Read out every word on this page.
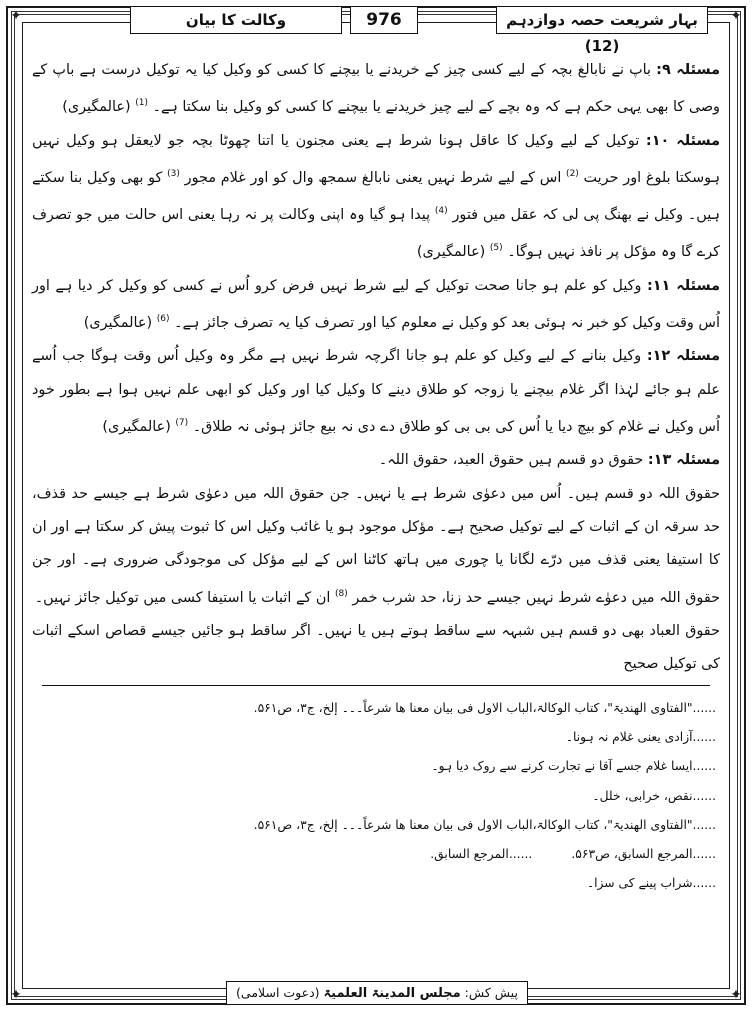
✦	✦
✦	✦
وکالت کا بیان	976	بہار شریعت حصہ دوازدہم (12)

مسئلہ ۹: باپ نے نابالغ بچہ کے لیے کسی چیز کے خریدنے یا بیچنے کا کسی کو وکیل کیا یہ توکیل درست ہے باپ کے وصی کا بھی یہی حکم ہے کہ وہ بچے کے لیے چیز خریدنے یا بیچنے کا کسی کو وکیل بنا سکتا ہے۔ $^{(1)}$ (عالمگیری)

مسئلہ ۱۰: توکیل کے لیے وکیل کا عاقل ہونا شرط ہے یعنی مجنون یا اتنا چھوٹا بچہ جو لایعقل ہو وکیل نہیں ہوسکتا بلوغ اور حریت $^{(2)}$ اس کے لیے شرط نہیں یعنی نابالغ سمجھ وال کو اور غلام مجور $^{(3)}$ کو بھی وکیل بنا سکتے ہیں۔ وکیل نے بھنگ پی لی کہ عقل میں فتور $^{(4)}$ پیدا ہو گیا وہ اپنی وکالت پر نہ رہا یعنی اس حالت میں جو تصرف کرے گا وہ مؤکل پر نافذ نہیں ہوگا۔ $^{(5)}$ (عالمگیری)

مسئلہ ۱۱: وکیل کو علم ہو جانا صحت توکیل کے لیے شرط نہیں فرض کرو اُس نے کسی کو وکیل کر دیا ہے اور اُس وقت وکیل کو خبر نہ ہوئی بعد کو وکیل نے معلوم کیا اور تصرف کیا یہ تصرف جائز ہے۔ $^{(6)}$ (عالمگیری)

مسئلہ ۱۲: وکیل بنانے کے لیے وکیل کو علم ہو جانا اگرچہ شرط نہیں ہے مگر وہ وکیل اُس وقت ہوگا جب اُسے علم ہو جائے لہٰذا اگر غلام بیچنے یا زوجہ کو طلاق دینے کا وکیل کیا اور وکیل کو ابھی علم نہیں ہوا ہے بطور خود اُس وکیل نے غلام کو بیچ دیا یا اُس کی بی بی کو طلاق دے دی نہ بیع جائز ہوئی نہ طلاق۔ $^{(7)}$ (عالمگیری)

مسئلہ ۱۳: حقوق دو قسم ہیں حقوق العبد، حقوق اللہ۔

حقوق اللہ دو قسم ہیں۔ اُس میں دعوٰی شرط ہے یا نہیں۔ جن حقوق اللہ میں دعوٰی شرط ہے جیسے حد قذف، حد سرقہ ان کے اثبات کے لیے توکیل صحیح ہے۔ مؤکل موجود ہو یا غائب وکیل اس کا ثبوت پیش کر سکتا ہے اور ان کا استیفا یعنی قذف میں درّے لگانا یا چوری میں ہاتھ کاٹنا اس کے لیے مؤکل کی موجودگی ضروری ہے۔ اور جن حقوق اللہ میں دعوٰے شرط نہیں جیسے حد زنا، حد شرب خمر $^{(8)}$ ان کے اثبات یا استیفا کسی میں توکیل جائز نہیں۔

حقوق العباد بھی دو قسم ہیں شبہہ سے ساقط ہوتے ہیں یا نہیں۔ اگر ساقط ہو جائیں جیسے قصاص اسکے اثبات کی توکیل صحیح

......"الفتاوی الھندیۃ"، کتاب الوکالۃ،الباب الاول فی بیان معنا ھا شرعاً۔۔۔ إلخ، ج۳، ص۵۶۱.
......آزادی یعنی غلام نہ ہونا۔
......ایسا غلام جسے آقا نے تجارت کرنے سے روک دیا ہو۔
......نقص، خرابی، خلل۔
......"الفتاوی الھندیۃ"، کتاب الوکالۃ،الباب الاول فی بیان معنا ھا شرعاً۔۔۔ إلخ، ج۳، ص۵۶۱.
......المرجع السابق، ص۵۶۳.          ......المرجع السابق.
......شراب پینے کی سزا۔
پیش کش: مجلس المدینۃ العلمیۃ (دعوت اسلامی)
